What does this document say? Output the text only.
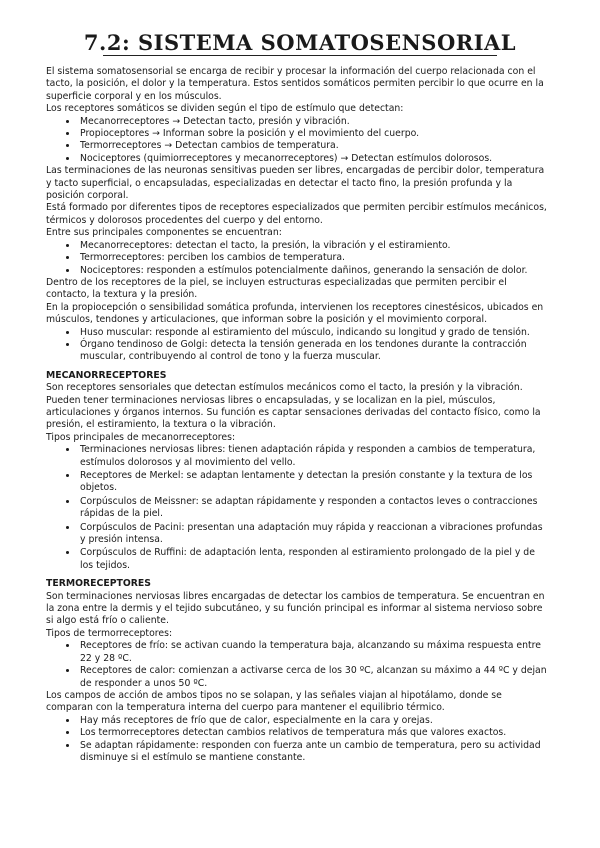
7.2: SISTEMA SOMATOSENSORIAL

El sistema somatosensorial se encarga de recibir y procesar la información del cuerpo relacionada con el tacto, la posición, el dolor y la temperatura. Estos sentidos somáticos permiten percibir lo que ocurre en la superficie corporal y en los músculos.

Los receptores somáticos se dividen según el tipo de estímulo que detectan:

• Mecanorreceptores → Detectan tacto, presión y vibración.
• Propioceptores → Informan sobre la posición y el movimiento del cuerpo.
• Termorreceptores → Detectan cambios de temperatura.
• Nociceptores (quimiorreceptores y mecanorreceptores) → Detectan estímulos dolorosos.

Las terminaciones de las neuronas sensitivas pueden ser libres, encargadas de percibir dolor, temperatura y tacto superficial, o encapsuladas, especializadas en detectar el tacto fino, la presión profunda y la posición corporal.

Está formado por diferentes tipos de receptores especializados que permiten percibir estímulos mecánicos, térmicos y dolorosos procedentes del cuerpo y del entorno.

Entre sus principales componentes se encuentran:

• Mecanorreceptores: detectan el tacto, la presión, la vibración y el estiramiento.
• Termorreceptores: perciben los cambios de temperatura.
• Nociceptores: responden a estímulos potencialmente dañinos, generando la sensación de dolor.

Dentro de los receptores de la piel, se incluyen estructuras especializadas que permiten percibir el contacto, la textura y la presión.

En la propiocepción o sensibilidad somática profunda, intervienen los receptores cinestésicos, ubicados en músculos, tendones y articulaciones, que informan sobre la posición y el movimiento corporal.

• Huso muscular: responde al estiramiento del músculo, indicando su longitud y grado de tensión.
• Órgano tendinoso de Golgi: detecta la tensión generada en los tendones durante la contracción muscular, contribuyendo al control de tono y la fuerza muscular.
MECANORRECEPTORES

Son receptores sensoriales que detectan estímulos mecánicos como el tacto, la presión y la vibración. Pueden tener terminaciones nerviosas libres o encapsuladas, y se localizan en la piel, músculos, articulaciones y órganos internos. Su función es captar sensaciones derivadas del contacto físico, como la presión, el estiramiento, la textura o la vibración.

Tipos principales de mecanorreceptores:

• Terminaciones nerviosas libres: tienen adaptación rápida y responden a cambios de temperatura, estímulos dolorosos y al movimiento del vello.
• Receptores de Merkel: se adaptan lentamente y detectan la presión constante y la textura de los objetos.
• Corpúsculos de Meissner: se adaptan rápidamente y responden a contactos leves o contracciones rápidas de la piel.
• Corpúsculos de Pacini: presentan una adaptación muy rápida y reaccionan a vibraciones profundas y presión intensa.
• Corpúsculos de Ruffini: de adaptación lenta, responden al estiramiento prolongado de la piel y de los tejidos.
TERMORECEPTORES

Son terminaciones nerviosas libres encargadas de detectar los cambios de temperatura. Se encuentran en la zona entre la dermis y el tejido subcutáneo, y su función principal es informar al sistema nervioso sobre si algo está frío o caliente.

Tipos de termorreceptores:

• Receptores de frío: se activan cuando la temperatura baja, alcanzando su máxima respuesta entre 22 y 28 ºC.
• Receptores de calor: comienzan a activarse cerca de los 30 ºC, alcanzan su máximo a 44 ºC y dejan de responder a unos 50 ºC.

Los campos de acción de ambos tipos no se solapan, y las señales viajan al hipotálamo, donde se comparan con la temperatura interna del cuerpo para mantener el equilibrio térmico.

• Hay más receptores de frío que de calor, especialmente en la cara y orejas.
• Los termorreceptores detectan cambios relativos de temperatura más que valores exactos.
• Se adaptan rápidamente: responden con fuerza ante un cambio de temperatura, pero su actividad disminuye si el estímulo se mantiene constante.
